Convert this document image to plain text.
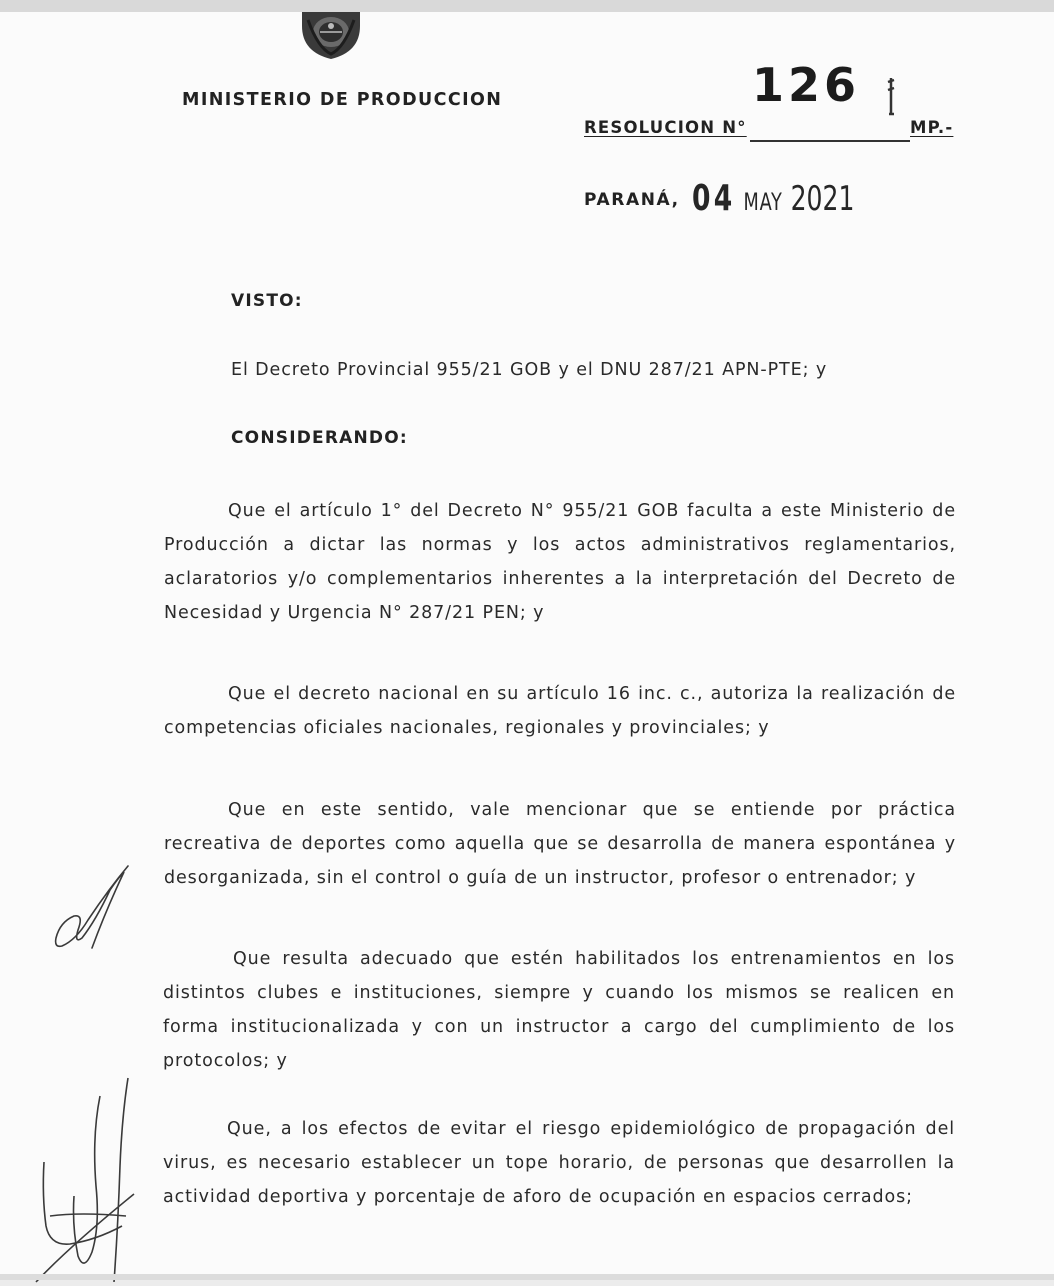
MINISTERIO DE PRODUCCION	126
RESOLUCION N°	MP.-
PARANÁ, 04 MAY 2021
VISTO:
El Decreto Provincial 955/21 GOB y el DNU 287/21 APN-PTE; y
CONSIDERANDO:
Que el artículo 1° del Decreto N° 955/21 GOB faculta a este Ministerio de Producción a dictar las normas y los actos administrativos reglamentarios, aclaratorios y/o complementarios inherentes a la interpretación del Decreto de Necesidad y Urgencia N° 287/21 PEN; y
Que el decreto nacional en su artículo 16 inc. c., autoriza la realización de competencias oficiales nacionales, regionales y provinciales; y
Que en este sentido, vale mencionar que se entiende por práctica recreativa de deportes como aquella que se desarrolla de manera espontánea y desorganizada, sin el control o guía de un instructor, profesor o entrenador; y
Que resulta adecuado que estén habilitados los entrenamientos en los distintos clubes e instituciones, siempre y cuando los mismos se realicen en forma institucionalizada y con un instructor a cargo del cumplimiento de los protocolos; y
Que, a los efectos de evitar el riesgo epidemiológico de propagación del virus, es necesario establecer un tope horario, de personas que desarrollen la actividad deportiva y porcentaje de aforo de ocupación en espacios cerrados;
